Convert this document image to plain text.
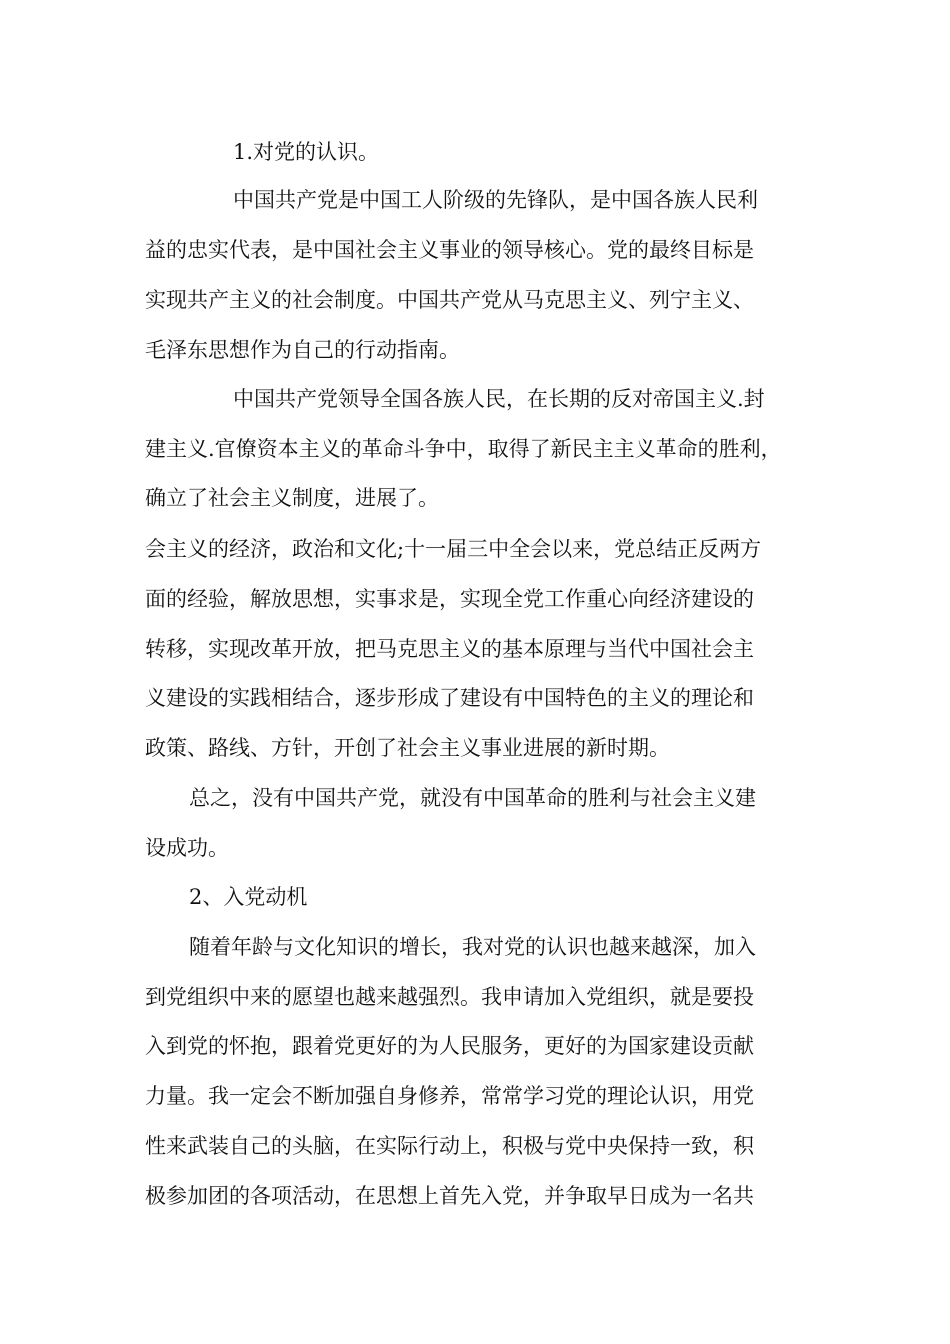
1.对党的认识。
中国共产党是中国工人阶级的先锋队，是中国各族人民利
益的忠实代表，是中国社会主义事业的领导核心。党的最终目标是
实现共产主义的社会制度。中国共产党从马克思主义、列宁主义、
毛泽东思想作为自己的行动指南。
中国共产党领导全国各族人民，在长期的反对帝国主义.封
建主义.官僚资本主义的革命斗争中，取得了新民主主义革命的胜利，
确立了社会主义制度，进展了。
会主义的经济，政治和文化;十一届三中全会以来，党总结正反两方
面的经验，解放思想，实事求是，实现全党工作重心向经济建设的
转移，实现改革开放，把马克思主义的基本原理与当代中国社会主
义建设的实践相结合，逐步形成了建设有中国特色的主义的理论和
政策、路线、方针，开创了社会主义事业进展的新时期。
总之，没有中国共产党，就没有中国革命的胜利与社会主义建
设成功。
2、入党动机
随着年龄与文化知识的增长，我对党的认识也越来越深，加入
到党组织中来的愿望也越来越强烈。我申请加入党组织，就是要投
入到党的怀抱，跟着党更好的为人民服务，更好的为国家建设贡献
力量。我一定会不断加强自身修养，常常学习党的理论认识，用党
性来武装自己的头脑，在实际行动上，积极与党中央保持一致，积
极参加团的各项活动，在思想上首先入党，并争取早日成为一名共
